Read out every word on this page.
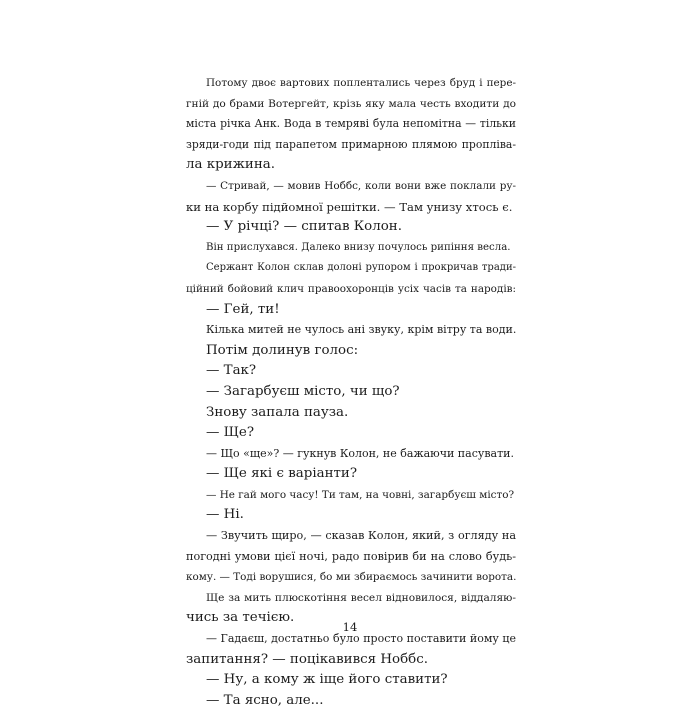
Потому двоє вартових поплентались через бруд і пере-
гній до брами Вотергейт, крізь яку мала честь входити до
міста річка Анк. Вода в темряві була непомітна — тільки
зряди-годи під парапетом примарною плямою пропліва-
ла крижина.
— Стривай, — мовив Ноббс, коли вони вже поклали ру-
ки на корбу підйомної решітки. — Там унизу хтось є.
— У річці? — спитав Колон.
Він прислухався. Далеко внизу почулось рипіння весла.
Сержант Колон склав долоні рупором і прокричав тради-
ційний бойовий клич правоохоронців усіх часів та народів:
— Гей, ти!
Кілька митей не чулось ані звуку, крім вітру та води.
Потім долинув голос:
— Так?
— Загарбуєш місто, чи що?
Знову запала пауза.
— Ще?
— Що «ще»? — гукнув Колон, не бажаючи пасувати.
— Ще які є варіанти?
— Не гай мого часу! Ти там, на човні, загарбуєш місто?
— Ні.
— Звучить щиро, — сказав Колон, який, з огляду на
погодні умови цієї ночі, радо повірив би на слово будь-
кому. — Тоді ворушися, бо ми збираємось зачинити ворота.
Ще за мить плюскотіння весел відновилося, віддаляю-
чись за течією.
— Гадаєш, достатньо було просто поставити йому це
запитання? — поцікавився Ноббс.
— Ну, а кому ж іще його ставити?
— Та ясно, але...
14
